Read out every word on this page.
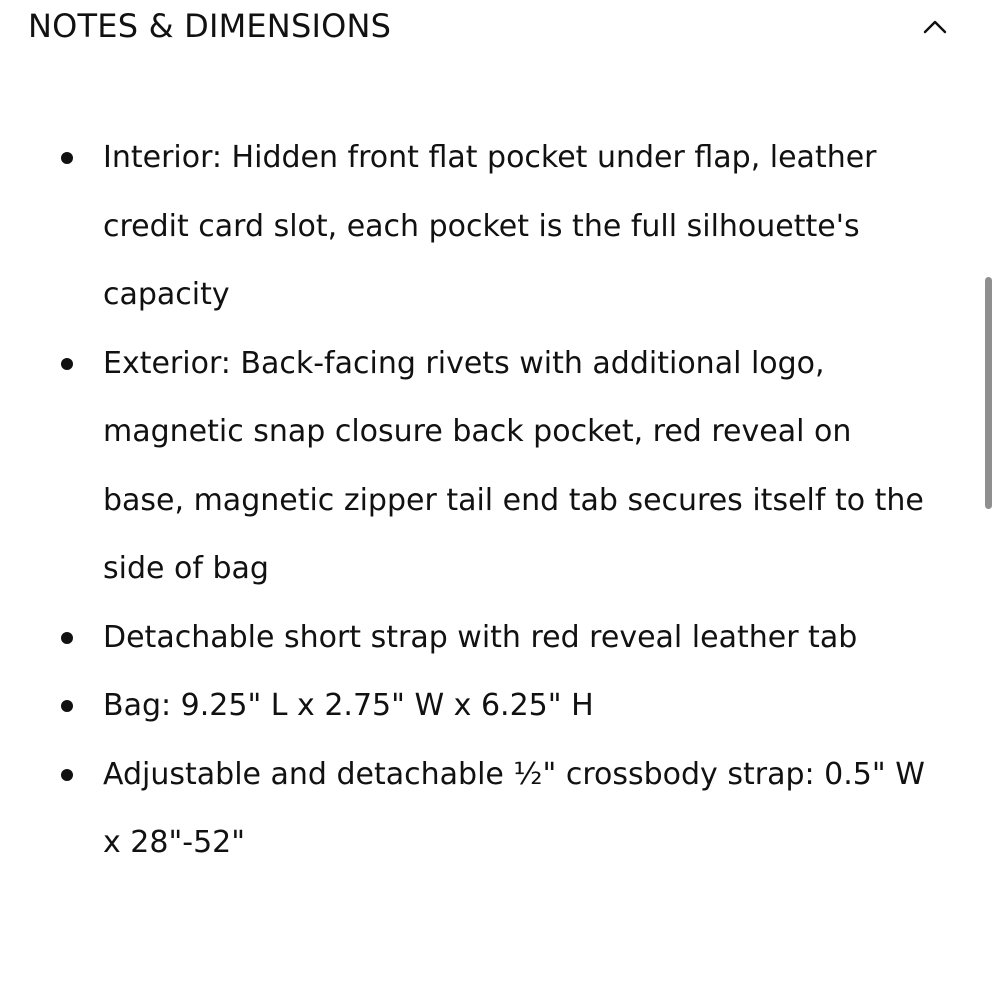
NOTES & DIMENSIONS
Interior: Hidden front flat pocket under flap, leather credit card slot, each pocket is the full silhouette's capacity
Exterior: Back-facing rivets with additional logo, magnetic snap closure back pocket, red reveal on base, magnetic zipper tail end tab secures itself to the side of bag
Detachable short strap with red reveal leather tab
Bag: 9.25" L x 2.75" W x 6.25" H
Adjustable and detachable ½" crossbody strap: 0.5" W x 28"-52"
